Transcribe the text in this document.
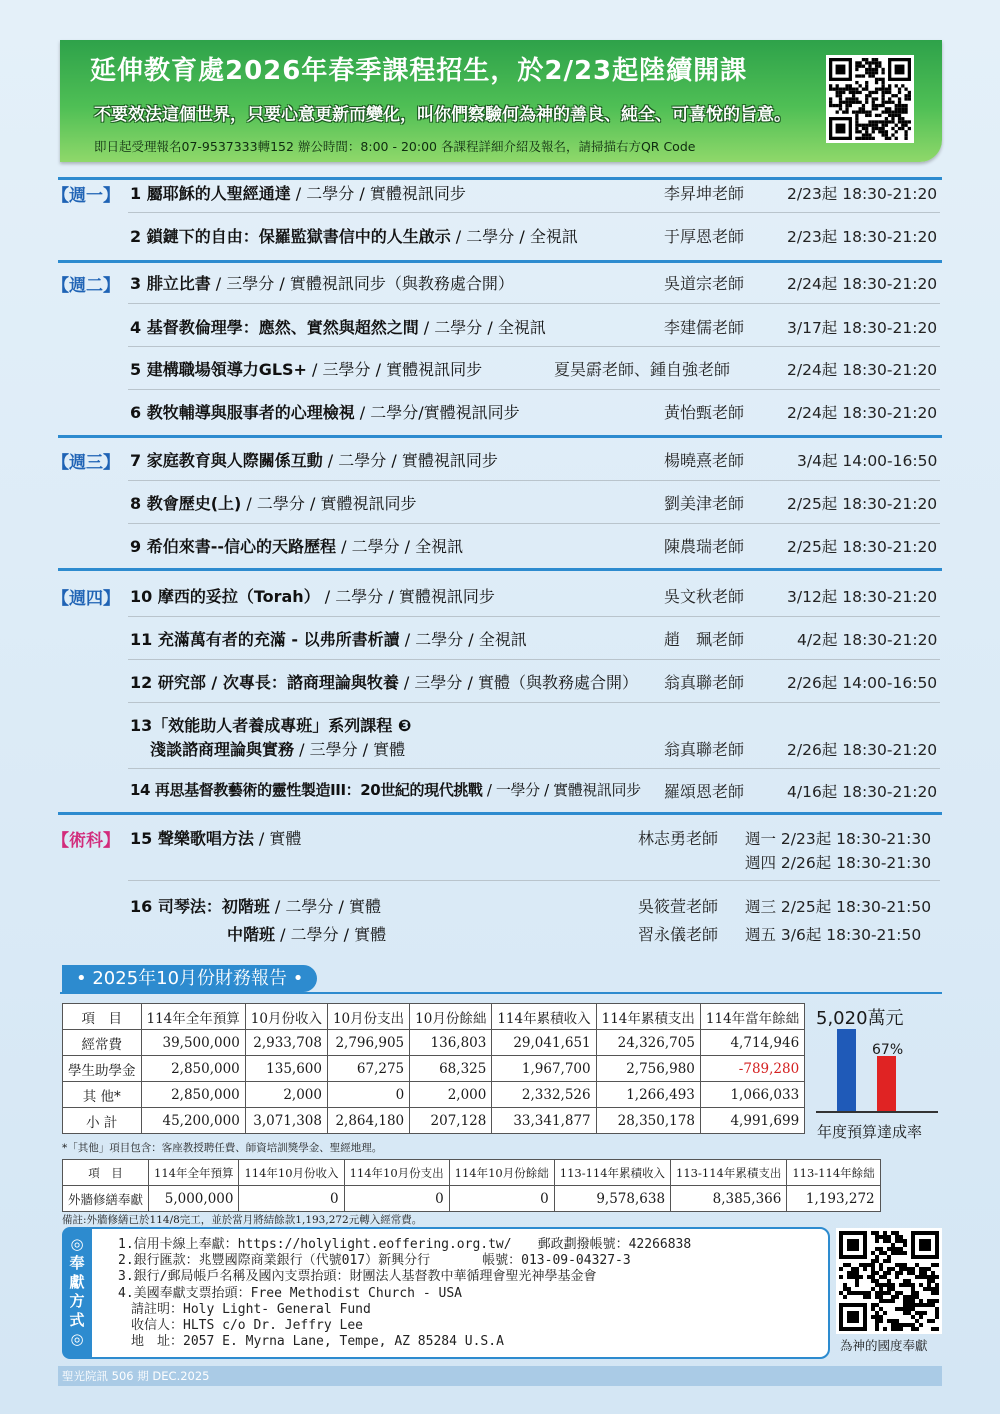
延伸教育處2026年春季課程招生，於2/23起陸續開課
不要效法這個世界，只要心意更新而變化，叫你們察驗何為神的善良、純全、可喜悅的旨意。
即日起受理報名07-9537333轉152 辦公時間：8:00 - 20:00 各課程詳細介紹及報名，請掃描右方QR Code
【週一】 1 屬耶穌的人聖經通達 / 二學分 / 實體視訊同步	李昇坤老師	2/23起 18:30-21:20
2 鎖鏈下的自由：保羅監獄書信中的人生啟示 / 二學分 / 全視訊	于厚恩老師	2/23起 18:30-21:20
【週二】 3 腓立比書 / 三學分 / 實體視訊同步（與教務處合開）	吳道宗老師	2/24起 18:30-21:20
4 基督教倫理學：應然、實然與超然之間 / 二學分 / 全視訊	李建儒老師	3/17起 18:30-21:20
5 建構職場領導力GLS+ / 三學分 / 實體視訊同步	夏昊霨老師、鍾自強老師	2/24起 18:30-21:20
6 教牧輔導與服事者的心理檢視 / 二學分/實體視訊同步	黃怡甄老師	2/24起 18:30-21:20
【週三】 7 家庭教育與人際關係互動 / 二學分 / 實體視訊同步	楊曉熹老師	3/4起 14:00-16:50
8 教會歷史(上) / 二學分 / 實體視訊同步	劉美津老師	2/25起 18:30-21:20
9 希伯來書--信心的天路歷程 / 二學分 / 全視訊	陳農瑞老師	2/25起 18:30-21:20
【週四】 10 摩西的妥拉（Torah） / 二學分 / 實體視訊同步	吳文秋老師	3/12起 18:30-21:20
11 充滿萬有者的充滿 - 以弗所書析讀 / 二學分 / 全視訊	趙　珮老師	4/2起 18:30-21:20
12 研究部 / 次專長：諮商理論與牧養 / 三學分 / 實體（與教務處合開） 翁真聯老師	2/26起 14:00-16:50
13「效能助人者養成專班」系列課程 ❸
淺談諮商理論與實務 / 三學分 / 實體	翁真聯老師	2/26起 18:30-21:20
14 再思基督教藝術的靈性製造III：20世紀的現代挑戰 / 一學分 / 實體視訊同步 羅頌恩老師	4/16起 18:30-21:20
【術科】 15 聲樂歌唱方法 / 實體	林志勇老師 週一 2/23起 18:30-21:30
週四 2/26起 18:30-21:30
16 司琴法：初階班 / 二學分 / 實體	吳筱萱老師 週三 2/25起 18:30-21:50
中階班 / 二學分 / 實體	習永儀老師 週五 3/6起 18:30-21:50
• 2025年10月份財務報告 •
項　目	114年全年預算	10月份收入	10月份支出	10月份餘絀	114年累積收入	114年累積支出	114年當年餘絀
經常費	39,500,000	2,933,708	2,796,905	136,803	29,041,651	24,326,705	4,714,946
學生助學金	2,850,000	135,600	67,275	68,325	1,967,700	2,756,980	-789,280
其 他*	2,850,000	2,000	0	2,000	2,332,526	1,266,493	1,066,033
小 計	45,200,000	3,071,308	2,864,180	207,128	33,341,877	28,350,178	4,991,699
*「其他」項目包含：客座教授聘任費、師資培訓獎學金、聖經地理。
項　目	114年全年預算	114年10月份收入	114年10月份支出	114年10月份餘絀	113-114年累積收入	113-114年累積支出	113-114年餘絀
外牆修繕奉獻	5,000,000	0	0	0	9,578,638	8,385,366	1,193,272
備註:外牆修繕已於114/8完工，並於當月將結餘款1,193,272元轉入經常費。
5,020萬元
67%
年度預算達成率
◎
奉
獻
方
式
◎
1.信用卡線上奉獻：https://holylight.eoffering.org.tw/　　郵政劃撥帳號：42266838
2.銀行匯款：兆豐國際商業銀行（代號017）新興分行　　　　帳號：013-09-04327-3
3.銀行/郵局帳戶名稱及國內支票抬頭：財團法人基督教中華循理會聖光神學基金會
4.美國奉獻支票抬頭：Free Methodist Church - USA
　請註明：Holy Light- General Fund
　收信人：HLTS c/o Dr. Jeffry Lee
　地　址：2057 E. Myrna Lane, Tempe, AZ 85284 U.S.A	為神的國度奉獻
聖光院訊 506 期 DEC.2025
